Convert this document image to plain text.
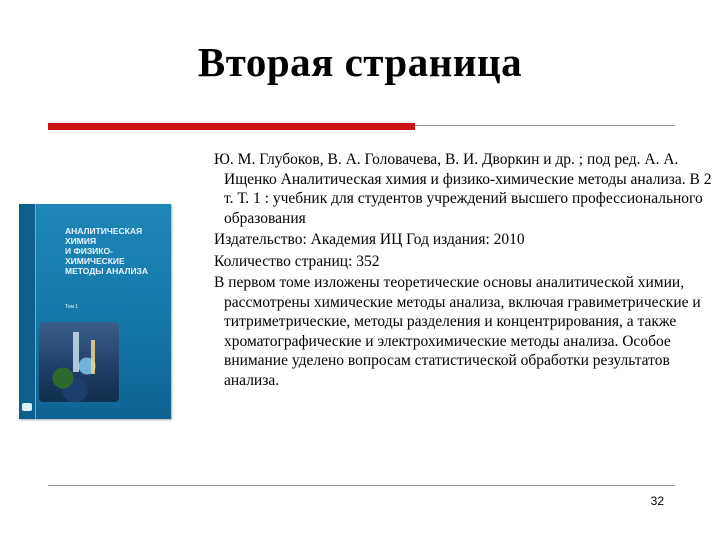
Вторая страница
АНАЛИТИЧЕСКАЯ
ХИМИЯ
И ФИЗИКО-
ХИМИЧЕСКИЕ
МЕТОДЫ АНАЛИЗА
Том 1

Ю. М. Глубоков, В. А. Головачева, В. И. Дворкин и др. ; под ред. А. А. Ищенко Аналитическая химия и физико-химические методы анализа. В 2 т. Т. 1 : учебник для студентов учреждений высшего профессионального образования

Издательство: Академия ИЦ Год издания: 2010

Количество страниц: 352

В первом томе изложены теоретические основы аналитической химии, рассмотрены химические методы анализа, включая гравиметрические и титриметрические, методы разделения и концентрирования, а также хроматографические и электрохимические методы анализа. Особое внимание уделено вопросам статистической обработки результатов анализа.

32
